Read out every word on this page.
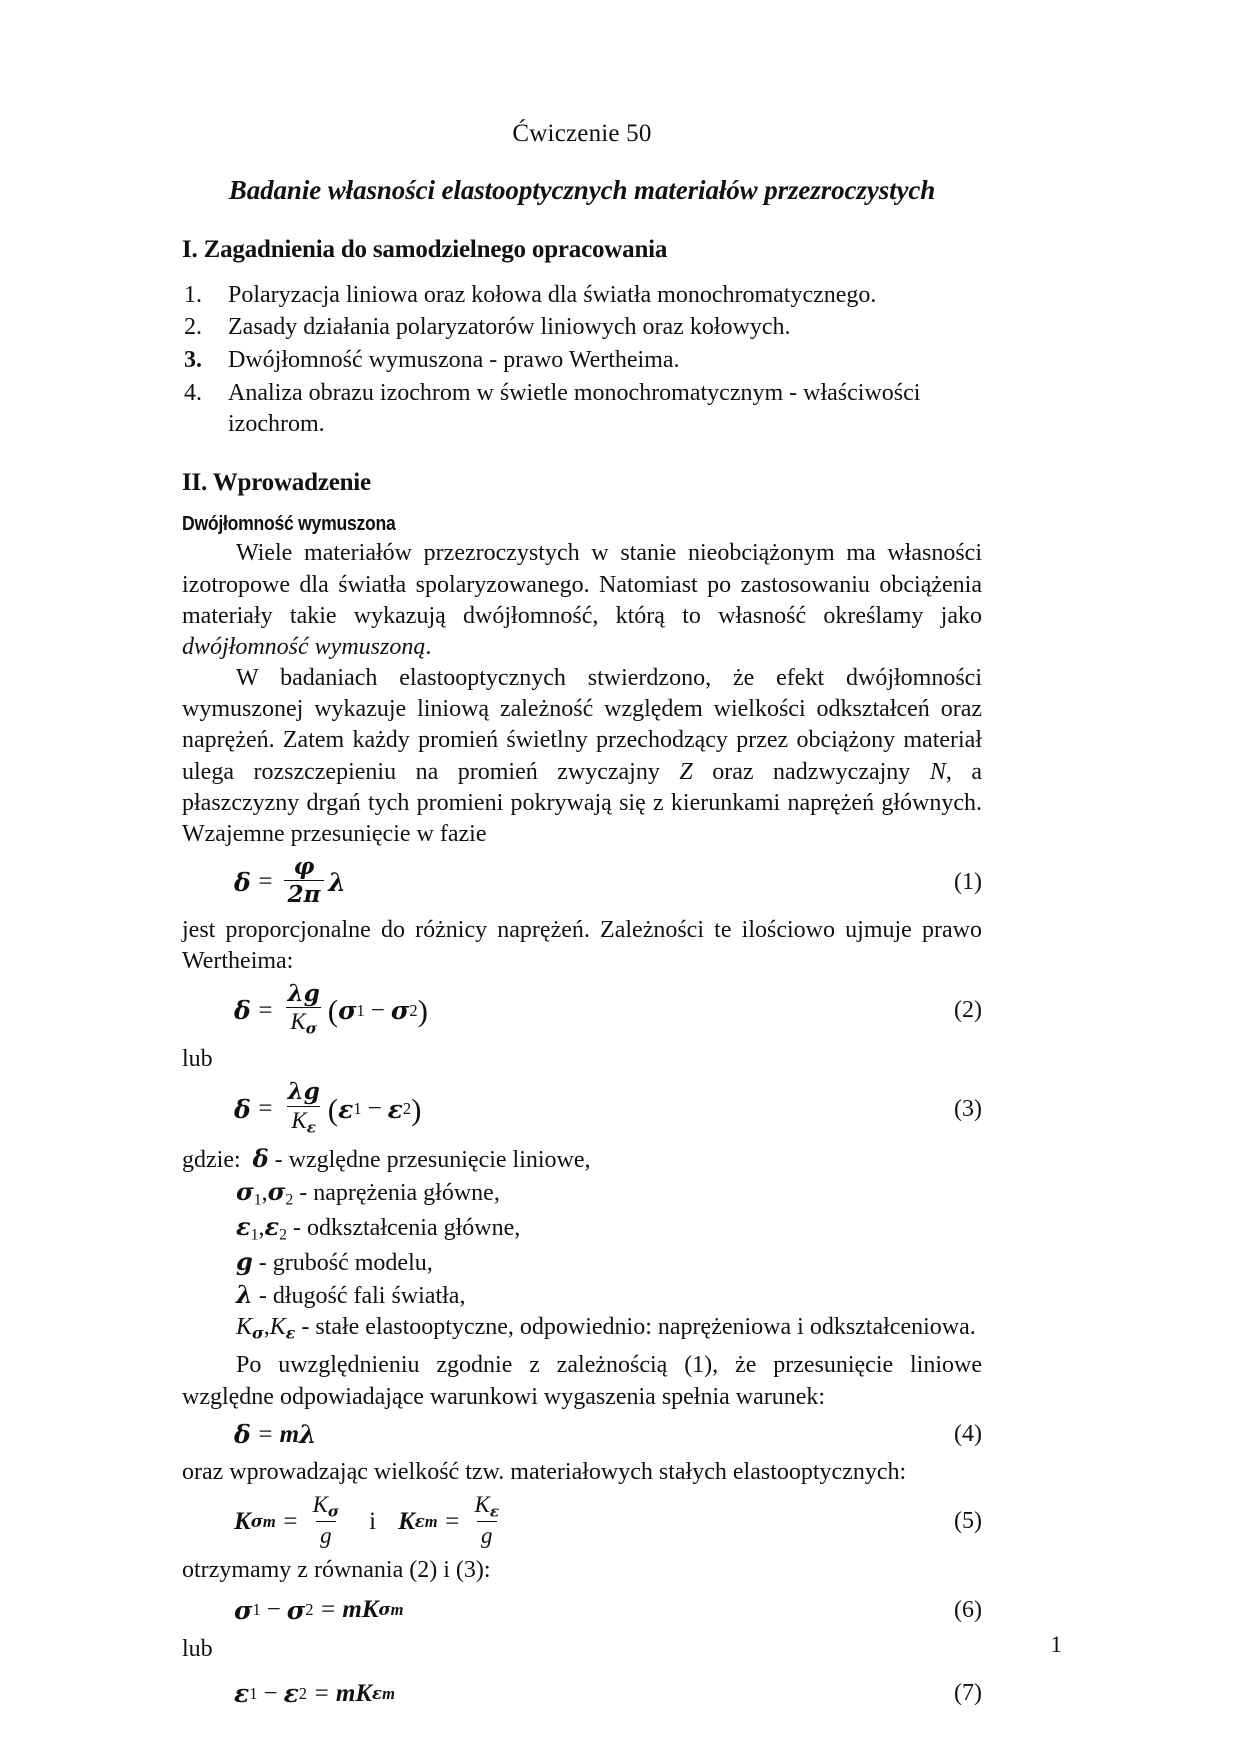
Ćwiczenie 50
Badanie własności elastooptycznych materiałów przezroczystych
I. Zagadnienia do samodzielnego opracowania
1.	Polaryzacja liniowa oraz kołowa dla światła monochromatycznego.
2.	Zasady działania polaryzatorów liniowych oraz kołowych.
3.	Dwójłomność wymuszona - prawo Wertheima.
4.	Analiza obrazu izochrom w świetle monochromatycznym - właściwości izochrom.
II. Wprowadzenie
Dwójłomność wymuszona

Wiele materiałów przezroczystych w stanie nieobciążonym ma własności izotropowe dla światła spolaryzowanego. Natomiast po zastosowaniu obciążenia materiały takie wykazują dwójłomność, którą to własność określamy jako dwójłomność wymuszoną.

W badaniach elastooptycznych stwierdzono, że efekt dwójłomności wymuszonej wykazuje liniową zależność względem wielkości odkształceń oraz naprężeń. Zatem każdy promień świetlny przechodzący przez obciążony materiał ulega rozszczepieniu na promień zwyczajny Z oraz nadzwyczajny N, a płaszczyzny drgań tych promieni pokrywają się z kierunkami naprężeń głównych. Wzajemne przesunięcie w fazie

$\delta = \frac{\varphi}{2\pi}$ λ	(1)

jest proporcjonalne do różnicy naprężeń. Zależności te ilościowo ujmuje prawo Wertheima:

$\delta = \frac{\lambda g}{K_\sigma}$ ( σ 1 − σ 2 )	(2)

lub

$\delta = \frac{\lambda g}{K_\varepsilon}$ ( ε 1 − ε 2 )	(3)

gdzie: δ - względne przesunięcie liniowe,

$\sigma_1,\sigma_2$ - naprężenia główne,

$\varepsilon_1,\varepsilon_2$ - odkształcenia główne,

g - grubość modelu,

λ - długość fali światła,

$K_\sigma,K_\varepsilon$ - stałe elastooptyczne, odpowiednio: naprężeniowa i odkształceniowa.

Po uwzględnieniu zgodnie z zależnością (1), że przesunięcie liniowe względne odpowiadające warunkowi wygaszenia spełnia warunek:

δ = m λ	(4)

oraz wprowadzając wielkość tzw. materiałowych stałych elastooptycznych:

K $\sigma m = \frac{K_\sigma}{g}$ i K $\varepsilon m = \frac{K_\varepsilon}{g}$	(5)

otrzymamy z równania (2) i (3):

σ 1 − σ 2 = m K σm	(6)

lub

ε 1 − ε 2 = m K εm	(7)
1
